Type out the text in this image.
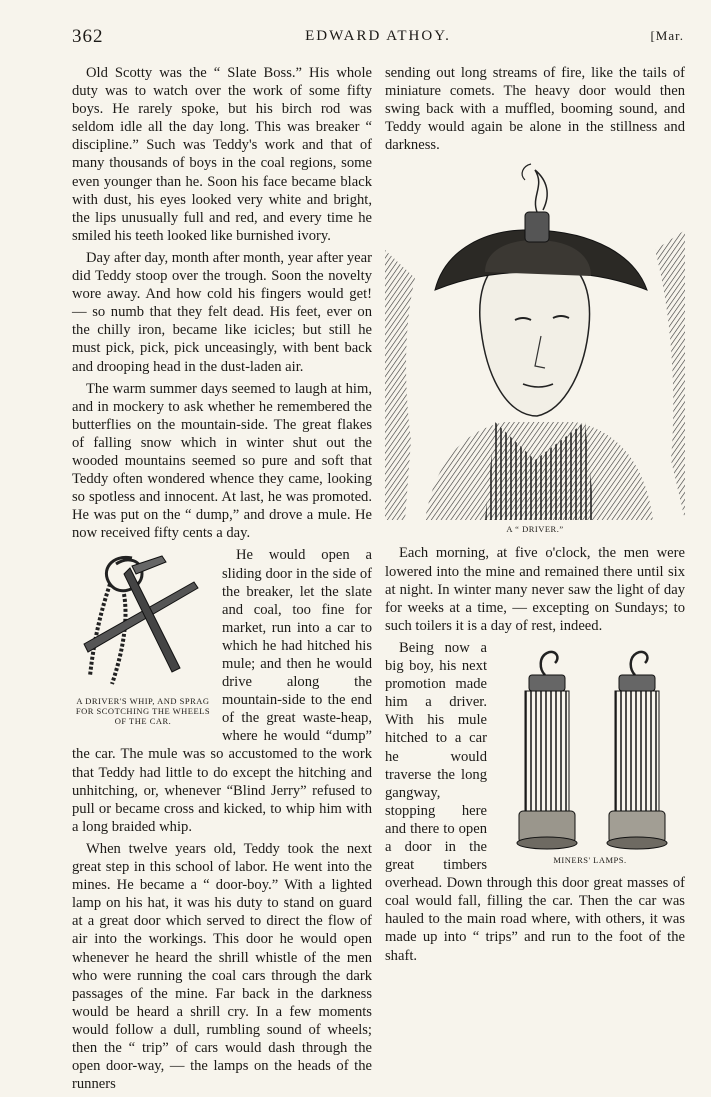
362	EDWARD ATHOY.	[Mar.

Old Scotty was the “ Slate Boss.” His whole duty was to watch over the work of some fifty boys. He rarely spoke, but his birch rod was seldom idle all the day long. This was breaker “ discipline.” Such was Teddy's work and that of many thousands of boys in the coal regions, some even younger than he. Soon his face became black with dust, his eyes looked very white and bright, the lips unusually full and red, and every time he smiled his teeth looked like burnished ivory.

Day after day, month after month, year after year did Teddy stoop over the trough. Soon the novelty wore away. And how cold his fingers would get! — so numb that they felt dead. His feet, ever on the chilly iron, became like icicles; but still he must pick, pick, pick unceasingly, with bent back and drooping head in the dust-laden air.

The warm summer days seemed to laugh at him, and in mockery to ask whether he remembered the butterflies on the mountain-side. The great flakes of falling snow which in winter shut out the wooded mountains seemed so pure and soft that Teddy often wondered whence they came, looking so spotless and innocent. At last, he was promoted. He was put on the “ dump,” and drove a mule. He now received fifty cents a day.

A DRIVER'S WHIP, AND SPRAG FOR SCOTCHING THE WHEELS OF THE CAR.

He would open a sliding door in the side of the breaker, let the slate and coal, too fine for market, run into a car to which he had hitched his mule; and then he would drive along the mountain-side to the end of the great waste-heap, where he would “dump” the car. The mule was so accustomed to the work that Teddy had little to do except the hitching and unhitching, or, whenever “Blind Jerry” refused to pull or became cross and kicked, to whip him with a long braided whip.

When twelve years old, Teddy took the next great step in this school of labor. He went into the mines. He became a “ door-boy.” With a lighted lamp on his hat, it was his duty to stand on guard at a great door which served to direct the flow of air into the workings. This door he would open whenever he heard the shrill whistle of the men who were running the coal cars through the dark passages of the mine. Far back in the darkness would be heard a shrill cry. In a few moments would follow a dull, rumbling sound of wheels; then the “ trip” of cars would dash through the open door-way, — the lamps on the heads of the runners

sending out long streams of fire, like the tails of miniature comets. The heavy door would then swing back with a muffled, booming sound, and Teddy would again be alone in the stillness and darkness.

A “ DRIVER.”

Each morning, at five o'clock, the men were lowered into the mine and remained there until six at night. In winter many never saw the light of day for weeks at a time, — excepting on Sundays; to such toilers it is a day of rest, indeed.

MINERS' LAMPS.

Being now a big boy, his next promotion made him a driver. With his mule hitched to a car he would traverse the long gangway, stopping here and there to open a door in the great timbers overhead. Down through this door great masses of coal would fall, filling the car. Then the car was hauled to the main road where, with others, it was made up into “ trips” and run to the foot of the shaft.
